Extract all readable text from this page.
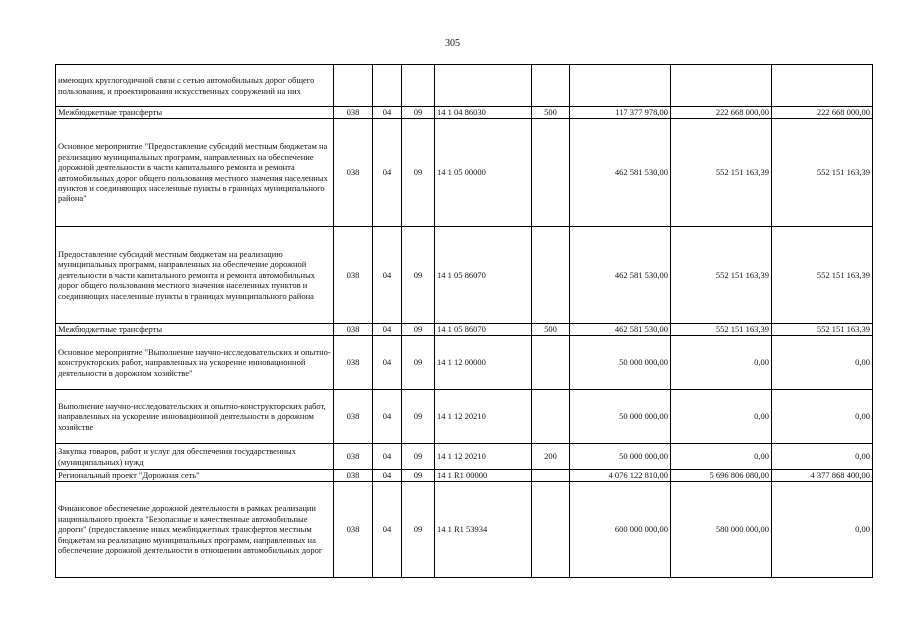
305
имеющих круглогодичной связи с сетью автомобильных дорог общего пользования, и проектирования искусственных сооружений на них								
Межбюджетные трансферты	038	04	09	14 1 04 86030	500	117 377 978,00	222 668 000,00	222 668 000,00
Основное мероприятие "Предоставление субсидий местным бюджетам на реализацию муниципальных программ, направленных на обеспечение дорожной деятельности в части капитального ремонта и ремонта автомобильных дорог общего пользования местного значения населенных пунктов и соединяющих населенные пункты в границах муниципального района"	038	04	09	14 1 05 00000		462 581 530,00	552 151 163,39	552 151 163,39
Предоставление субсидий местным бюджетам на реализацию муниципальных программ, направленных на обеспечение дорожной деятельности в части капитального ремонта и ремонта автомобильных дорог общего пользования местного значения населенных пунктов и соединяющих населенные пункты в границах муниципального района	038	04	09	14 1 05 86070		462 581 530,00	552 151 163,39	552 151 163,39
Межбюджетные трансферты	038	04	09	14 1 05 86070	500	462 581 530,00	552 151 163,39	552 151 163,39
Основное мероприятие "Выполнение научно-исследовательских и опытно-конструкторских работ, направленных на ускорение инновационной деятельности в дорожном хозяйстве"	038	04	09	14 1 12 00000		50 000 000,00	0,00	0,00
Выполнение научно-исследовательских и опытно-конструкторских работ, направленных на ускорение инновационной деятельности в дорожном хозяйстве	038	04	09	14 1 12 20210		50 000 000,00	0,00	0,00
Закупка товаров, работ и услуг для обеспечения государственных (муниципальных) нужд	038	04	09	14 1 12 20210	200	50 000 000,00	0,00	0,00
Региональный проект "Дорожная сеть"	038	04	09	14 1 R1 00000		4 076 122 810,00	5 696 806 080,00	4 377 868 400,00
Финансовое обеспечение дорожной деятельности в рамках реализации национального проекта "Безопасные и качественные автомобильные дороги" (предоставление иных межбюджетных трансфертов местным бюджетам на реализацию муниципальных программ, направленных на обеспечение дорожной деятельности в отношении автомобильных дорог	038	04	09	14 1 R1 53934		600 000 000,00	580 000 000,00	0,00
